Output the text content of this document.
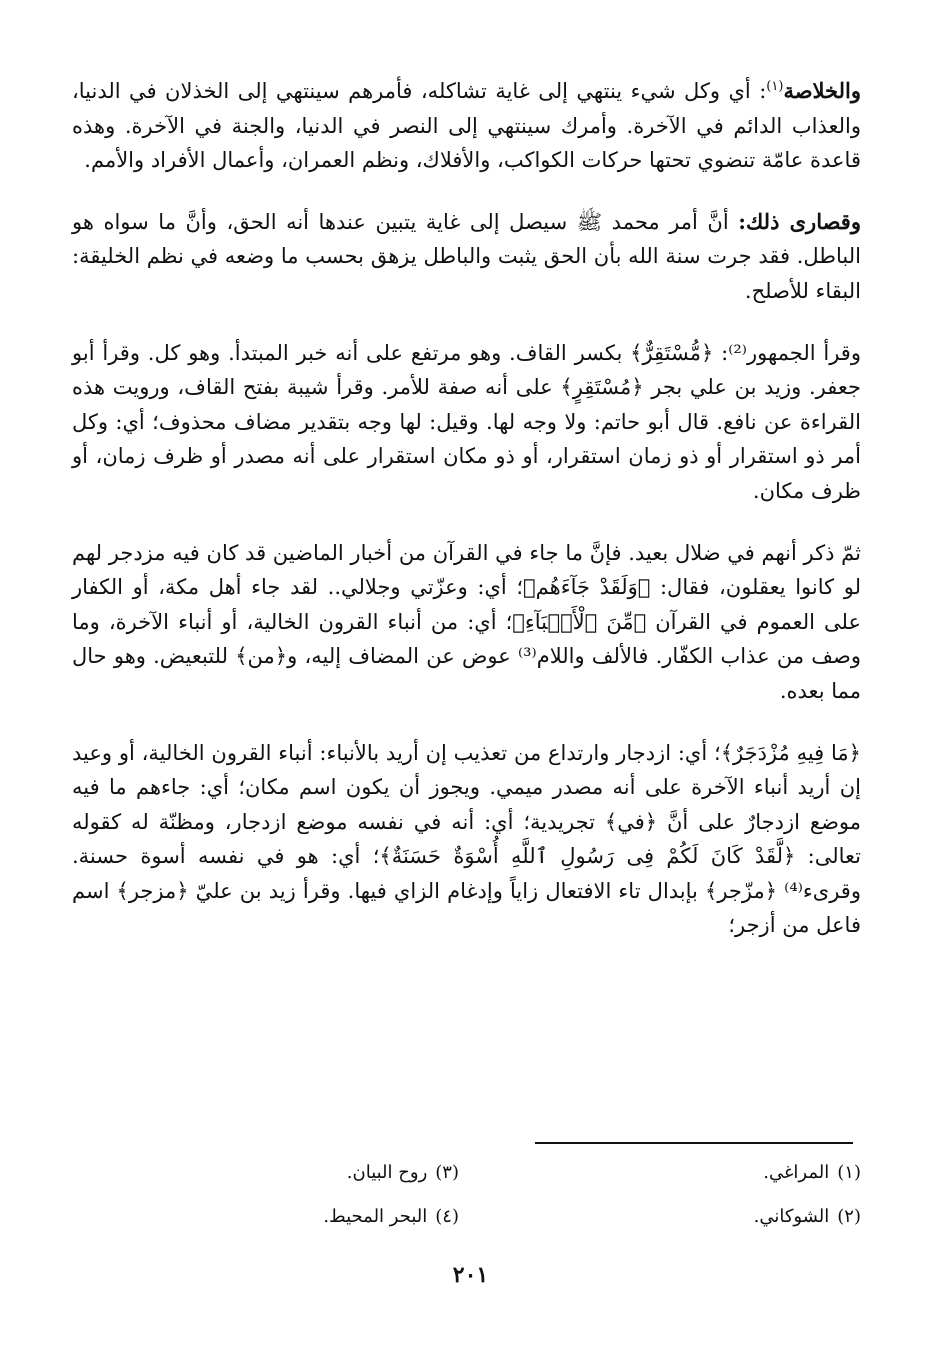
والخلاصة$^{(١)}$: أي وكل شيء ينتهي إلى غاية تشاكله، فأمرهم سينتهي إلى الخذلان في الدنيا، والعذاب الدائم في الآخرة. وأمرك سينتهي إلى النصر في الدنيا، والجنة في الآخرة. وهذه قاعدة عامّة تنضوي تحتها حركات الكواكب، والأفلاك، ونظم العمران، وأعمال الأفراد والأمم.

وقصارى ذلك: أنَّ أمر محمد ﷺ سيصل إلى غاية يتبين عندها أنه الحق، وأنَّ ما سواه هو الباطل. فقد جرت سنة الله بأن الحق يثبت والباطل يزهق بحسب ما وضعه في نظم الخليقة: البقاء للأصلح.

وقرأ الجمهور⁽²⁾: ﴿مُّسْتَقِرٌّ﴾ بكسر القاف. وهو مرتفع على أنه خبر المبتدأ. وهو كل. وقرأ أبو جعفر. وزيد بن علي بجر ﴿مُسْتَقِرٍ﴾ على أنه صفة للأمر. وقرأ شيبة بفتح القاف، ورويت هذه القراءة عن نافع. قال أبو حاتم: ولا وجه لها. وقيل: لها وجه بتقدير مضاف محذوف؛ أي: وكل أمر ذو استقرار أو ذو زمان استقرار، أو ذو مكان استقرار على أنه مصدر أو ظرف زمان، أو ظرف مكان.

ثمّ ذكر أنهم في ضلال بعيد. فإنَّ ما جاء في القرآن من أخبار الماضين قد كان فيه مزدجر لهم لو كانوا يعقلون، فقال: ﴿وَلَقَدْ جَآءَهُم﴾؛ أي: وعزّتي وجلالي.. لقد جاء أهل مكة، أو الكفار على العموم في القرآن ﴿مِّنَ ٱلْأَنۢبَآءِ﴾؛ أي: من أنباء القرون الخالية، أو أنباء الآخرة، وما وصف من عذاب الكفّار. فالألف واللام⁽³⁾ عوض عن المضاف إليه، و﴿من﴾ للتبعيض. وهو حال مما بعده.

﴿مَا فِيهِ مُزْدَجَرٌ﴾؛ أي: ازدجار وارتداع من تعذيب إن أريد بالأنباء: أنباء القرون الخالية، أو وعيد إن أريد أنباء الآخرة على أنه مصدر ميمي. ويجوز أن يكون اسم مكان؛ أي: جاءهم ما فيه موضع ازدجارٌ على أنَّ ﴿في﴾ تجريدية؛ أي: أنه في نفسه موضع ازدجار، ومظنّة له كقوله تعالى: ﴿لَّقَدْ كَانَ لَكُمْ فِى رَسُولِ ٱللَّهِ أُسْوَةٌ حَسَنَةٌ﴾؛ أي: هو في نفسه أسوة حسنة. وقرىء⁽⁴⁾ ﴿مزّجر﴾ بإبدال تاء الافتعال زاياً وإدغام الزاي فيها. وقرأ زيد بن عليّ ﴿مزجر﴾ اسم فاعل من أزجر؛

(١)المراغي.
(٢)الشوكاني.
(٣)روح البيان.
(٤)البحر المحيط.
٢٠١
